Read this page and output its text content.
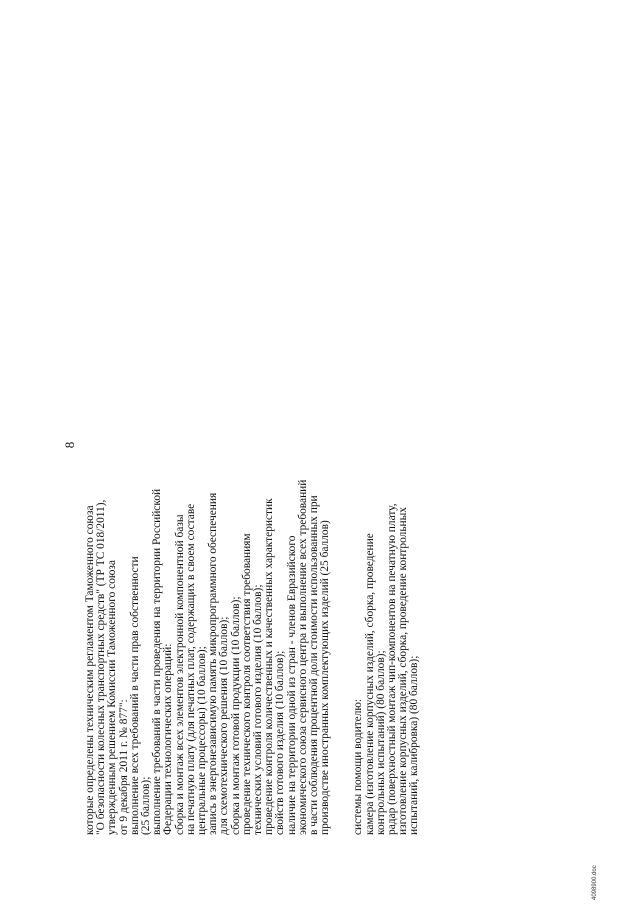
8
которые определены техническим регламентом Таможенного союза "О безопасности колесных транспортных средств" (ТР ТС 018/2011), утвержденным решением Комиссии Таможенного союза от 9 декабря 2011 г. № 877": выполнение всех требований в части прав собственности (25 баллов); выполнение требований в части проведения на территории Российской Федерации технологических операций: сборка и монтаж всех элементов электронной компонентной базы на печатную плату (для печатных плат, содержащих в своем составе центральные процессоры) (10 баллов); запись в энергонезависимую память микропрограммного обеспечения для схемотехнического решения (10 баллов); сборка и монтаж готовой продукции (10 баллов); проведение технического контроля соответствия требованиям технических условий готового изделия (10 баллов); проведение контроля количественных и качественных характеристик свойств готового изделия (10 баллов); наличие на территории одной из стран - членов Евразийского экономического союза сервисного центра и выполнение всех требований в части соблюдения процентной доли стоимости использованных при производстве иностранных комплектующих изделий (25 баллов) системы помощи водителю: камера (изготовление корпусных изделий, сборка, проведение контрольных испытаний) (80 баллов); радар (поверхностный монтаж чип-компонентов на печатную плату, изготовление корпусных изделий, сборка, проведение контрольных испытаний, калибровка) (80 баллов);
4098900.doc
